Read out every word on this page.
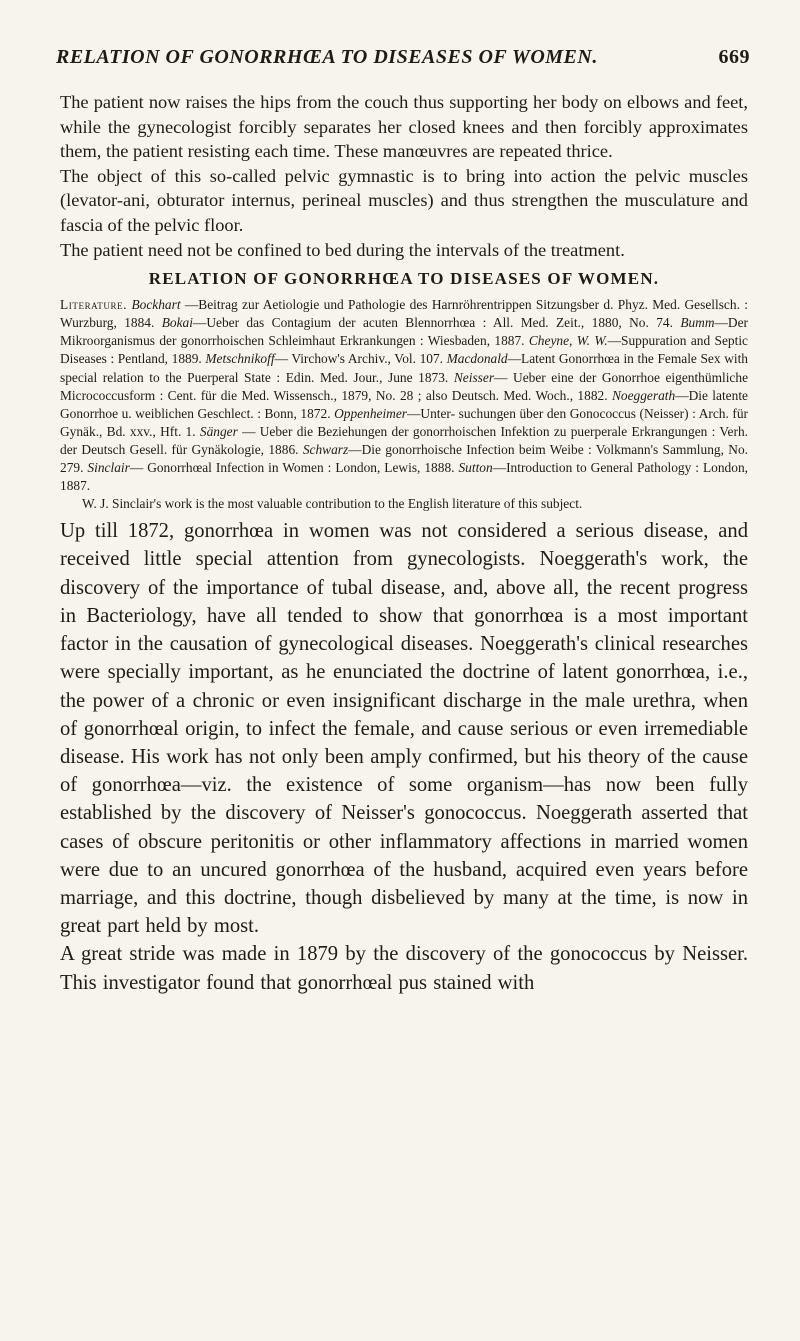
RELATION OF GONORRHŒA TO DISEASES OF WOMEN.	669

The patient now raises the hips from the couch thus supporting her body on elbows and feet, while the gynecologist forcibly separates her closed knees and then forcibly approximates them, the patient resisting each time. These manœuvres are repeated thrice.

The object of this so-called pelvic gymnastic is to bring into action the pelvic muscles (levator-ani, obturator internus, perineal muscles) and thus strengthen the musculature and fascia of the pelvic floor.

The patient need not be confined to bed during the intervals of the treatment.

RELATION OF GONORRHŒA TO DISEASES OF WOMEN.
Literature. Bockhart —Beitrag zur Aetiologie und Pathologie des Harnröhrentrippen Sitzungsber d. Phyz. Med. Gesellsch. : Wurzburg, 1884. Bokai—Ueber das Contagium der acuten Blennorrhœa : All. Med. Zeit., 1880, No. 74. Bumm—Der Mikroorganismus der gonorrhoischen Schleimhaut Erkrankungen : Wiesbaden, 1887. Cheyne, W. W.—Suppuration and Septic Diseases : Pentland, 1889. Metschnikoff— Virchow's Archiv., Vol. 107. Macdonald—Latent Gonorrhœa in the Female Sex with special relation to the Puerperal State : Edin. Med. Jour., June 1873. Neisser— Ueber eine der Gonorrhoe eigenthümliche Micrococcusform : Cent. für die Med. Wissensch., 1879, No. 28 ; also Deutsch. Med. Woch., 1882. Noeggerath—Die latente Gonorrhoe u. weiblichen Geschlect. : Bonn, 1872. Oppenheimer—Unter- suchungen über den Gonococcus (Neisser) : Arch. für Gynäk., Bd. xxv., Hft. 1. Sänger — Ueber die Beziehungen der gonorrhoischen Infektion zu puerperale Erkrangungen : Verh. der Deutsch Gesell. für Gynäkologie, 1886. Schwarz—Die gonorrhoische Infection beim Weibe : Volkmann's Sammlung, No. 279. Sinclair— Gonorrhœal Infection in Women : London, Lewis, 1888. Sutton—Introduction to General Pathology : London, 1887.
W. J. Sinclair's work is the most valuable contribution to the English literature of this subject.

Up till 1872, gonorrhœa in women was not considered a serious disease, and received little special attention from gynecologists. Noeggerath's work, the discovery of the importance of tubal disease, and, above all, the recent progress in Bacteriology, have all tended to show that gonorrhœa is a most important factor in the causation of gynecological diseases. Noeggerath's clinical researches were specially important, as he enunciated the doctrine of latent gonorrhœa, i.e., the power of a chronic or even insignificant discharge in the male urethra, when of gonorrhœal origin, to infect the female, and cause serious or even irremediable disease. His work has not only been amply confirmed, but his theory of the cause of gonorrhœa—viz. the existence of some organism—has now been fully established by the discovery of Neisser's gonococcus. Noeggerath asserted that cases of obscure peritonitis or other inflammatory affections in married women were due to an uncured gonorrhœa of the husband, acquired even years before marriage, and this doctrine, though disbelieved by many at the time, is now in great part held by most.

A great stride was made in 1879 by the discovery of the gonococcus by Neisser. This investigator found that gonorrhœal pus stained with
